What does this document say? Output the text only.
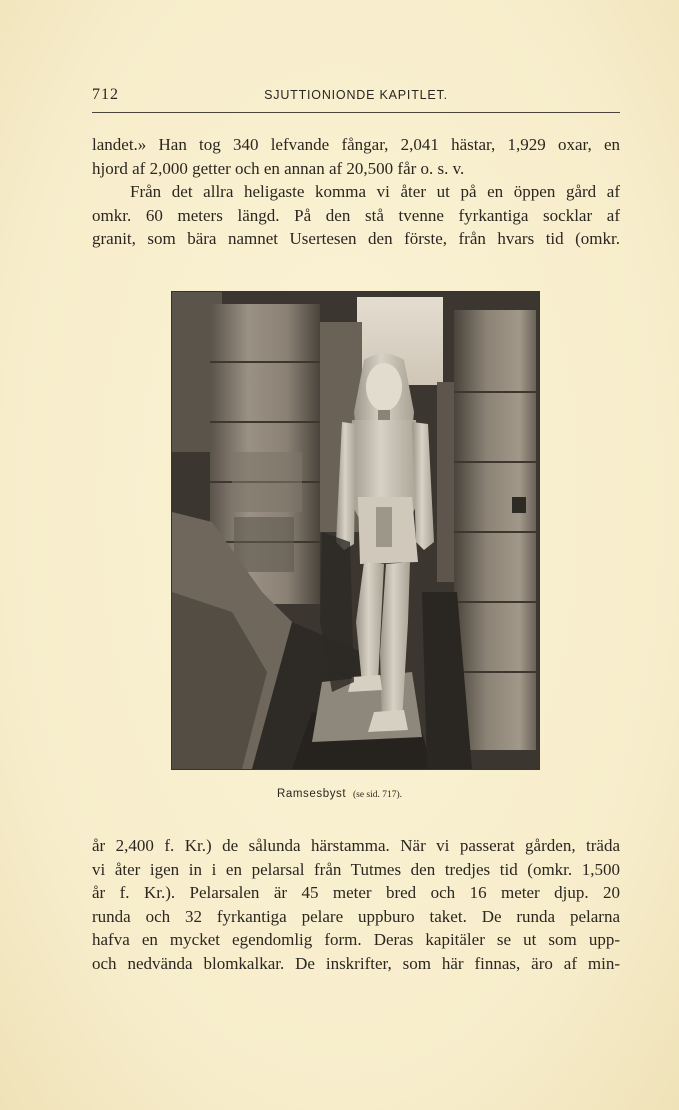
712	SJUTTIONIONDE KAPITLET.
landet.» Han tog 340 lefvande fångar, 2,041 hästar, 1,929 oxar, en
hjord af 2,000 getter och en annan af 20,500 får o. s. v.
Från det allra heligaste komma vi åter ut på en öppen gård af
omkr. 60 meters längd. På den stå tvenne fyrkantiga socklar af
granit, som bära namnet Usertesen den förste, från hvars tid (omkr.
Ramsesbyst (se sid. 717).
år 2,400 f. Kr.) de sålunda härstamma. När vi passerat gården, träda
vi åter igen in i en pelarsal från Tutmes den tredjes tid (omkr. 1,500
år f. Kr.). Pelarsalen är 45 meter bred och 16 meter djup. 20
runda och 32 fyrkantiga pelare uppburo taket. De runda pelarna
hafva en mycket egendomlig form. Deras kapitäler se ut som upp-
och nedvända blomkalkar. De inskrifter, som här finnas, äro af min-
